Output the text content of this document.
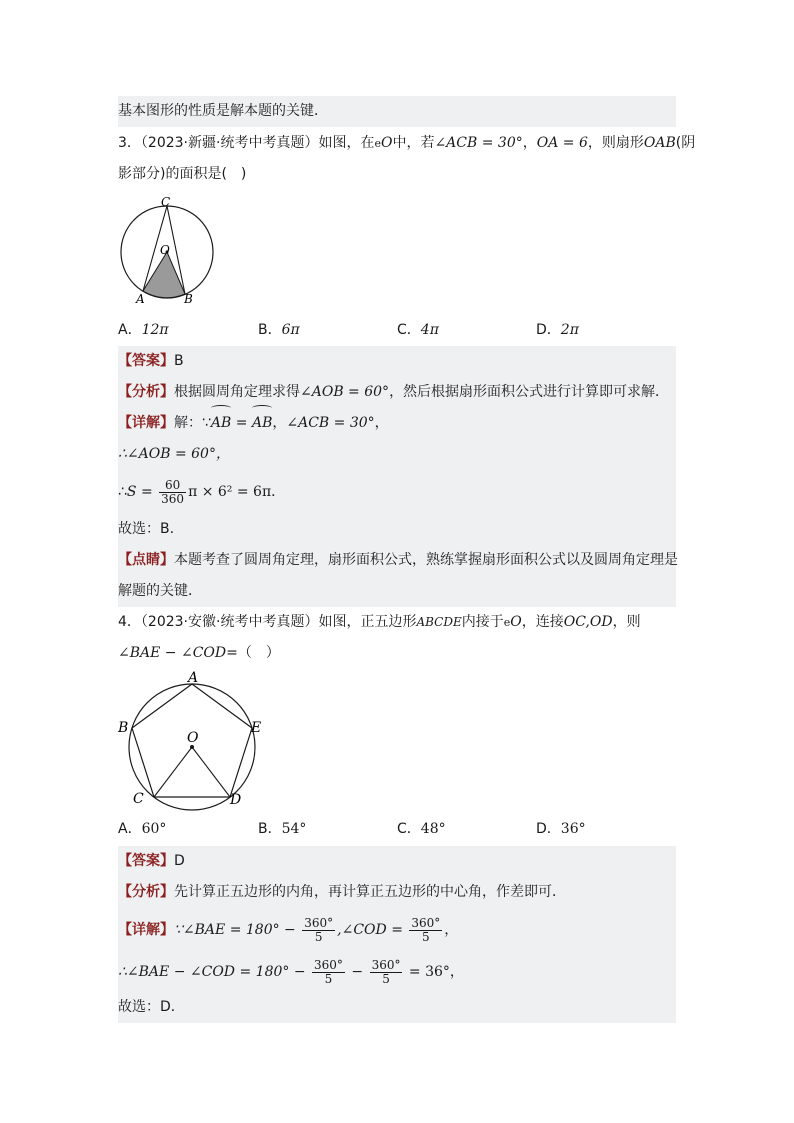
基本图形的性质是解本题的关键．
3．（2023·新疆·统考中考真题）如图，在eO中，若∠ACB = 30°，OA = 6，则扇形OAB(阴
影部分)的面积是(　)
C
O
A	B
A．12π	B．6π	C．4π	D．2π
【答案】B
【分析】根据圆周角定理求得∠AOB = 60°，然后根据扇形面积公式进行计算即可求解．
【详解】解：∵AB = AB，∠ACB = 30°，
∴∠AOB = 60°，
∴S = $\frac{60}{360}$ π × 6² = 6π．
故选：B.
【点睛】本题考查了圆周角定理，扇形面积公式，熟练掌握扇形面积公式以及圆周角定理是
解题的关键．
4．（2023·安徽·统考中考真题）如图，正五边形ABCDE内接于eO，连接OC,OD，则
∠BAE − ∠COD=（　）
A
B	E
O
C	D
A．60°	B．54°	C．48°	D．36°
【答案】D
【分析】先计算正五边形的内角，再计算正五边形的中心角，作差即可．
【详解】∵∠BAE = $180^\circ - \frac{360^\circ}{5}$ ,∠COD = $\frac{360^\circ}{5}$ ，
∴∠BAE − ∠COD = $180^\circ - \frac{360^\circ}{5} - \frac{360^\circ}{5} = 36^\circ$，
故选：D．
